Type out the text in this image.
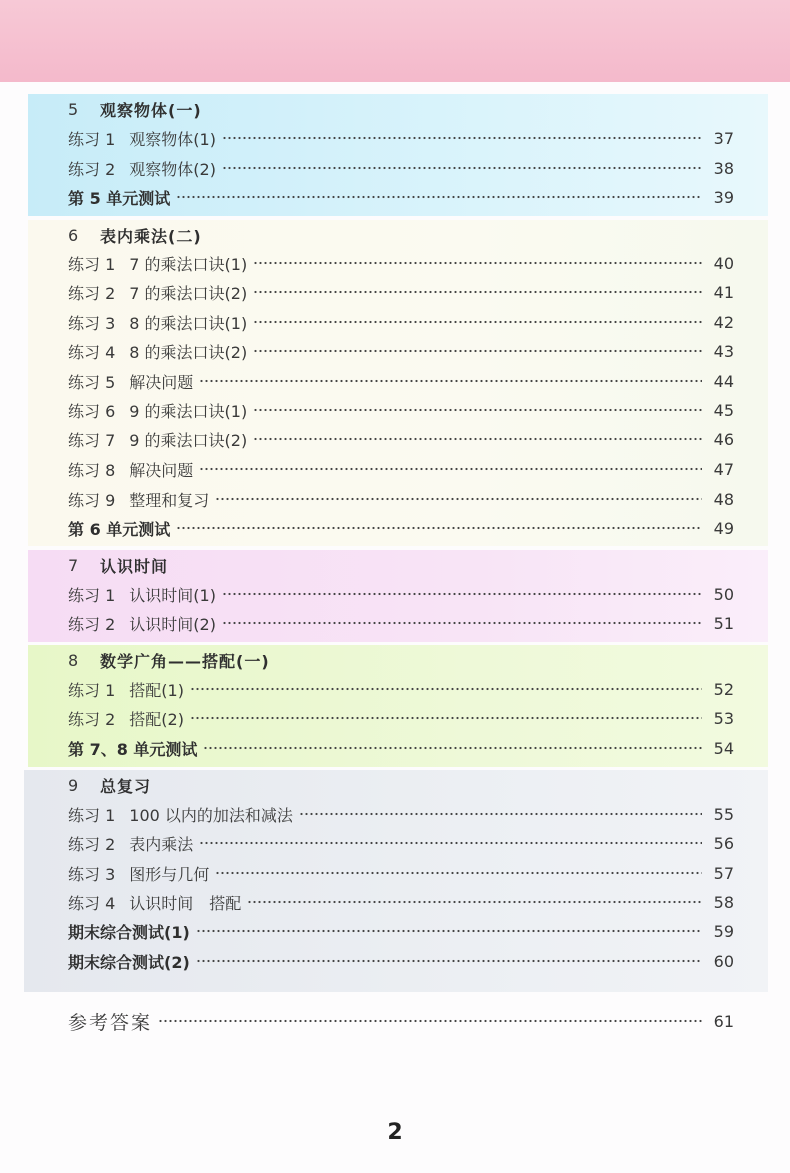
5	观察物体(一)
练习 1 观察物体(1)	37
练习 2 观察物体(2)	38
第 5 单元测试	39
6	表内乘法(二)
练习 1 7 的乘法口诀(1)	40
练习 2 7 的乘法口诀(2)	41
练习 3 8 的乘法口诀(1)	42
练习 4 8 的乘法口诀(2)	43
练习 5 解决问题	44
练习 6 9 的乘法口诀(1)	45
练习 7 9 的乘法口诀(2)	46
练习 8 解决问题	47
练习 9 整理和复习	48
第 6 单元测试	49
7	认识时间
练习 1 认识时间(1)	50
练习 2 认识时间(2)	51
8	数学广角——搭配(一)
练习 1 搭配(1)	52
练习 2 搭配(2)	53
第 7、8 单元测试	54
9	总复习
练习 1 100 以内的加法和减法	55
练习 2 表内乘法	56
练习 3 图形与几何	57
练习 4 认识时间　搭配	58
期末综合测试(1)	59
期末综合测试(2)	60
参考答案	61
2
